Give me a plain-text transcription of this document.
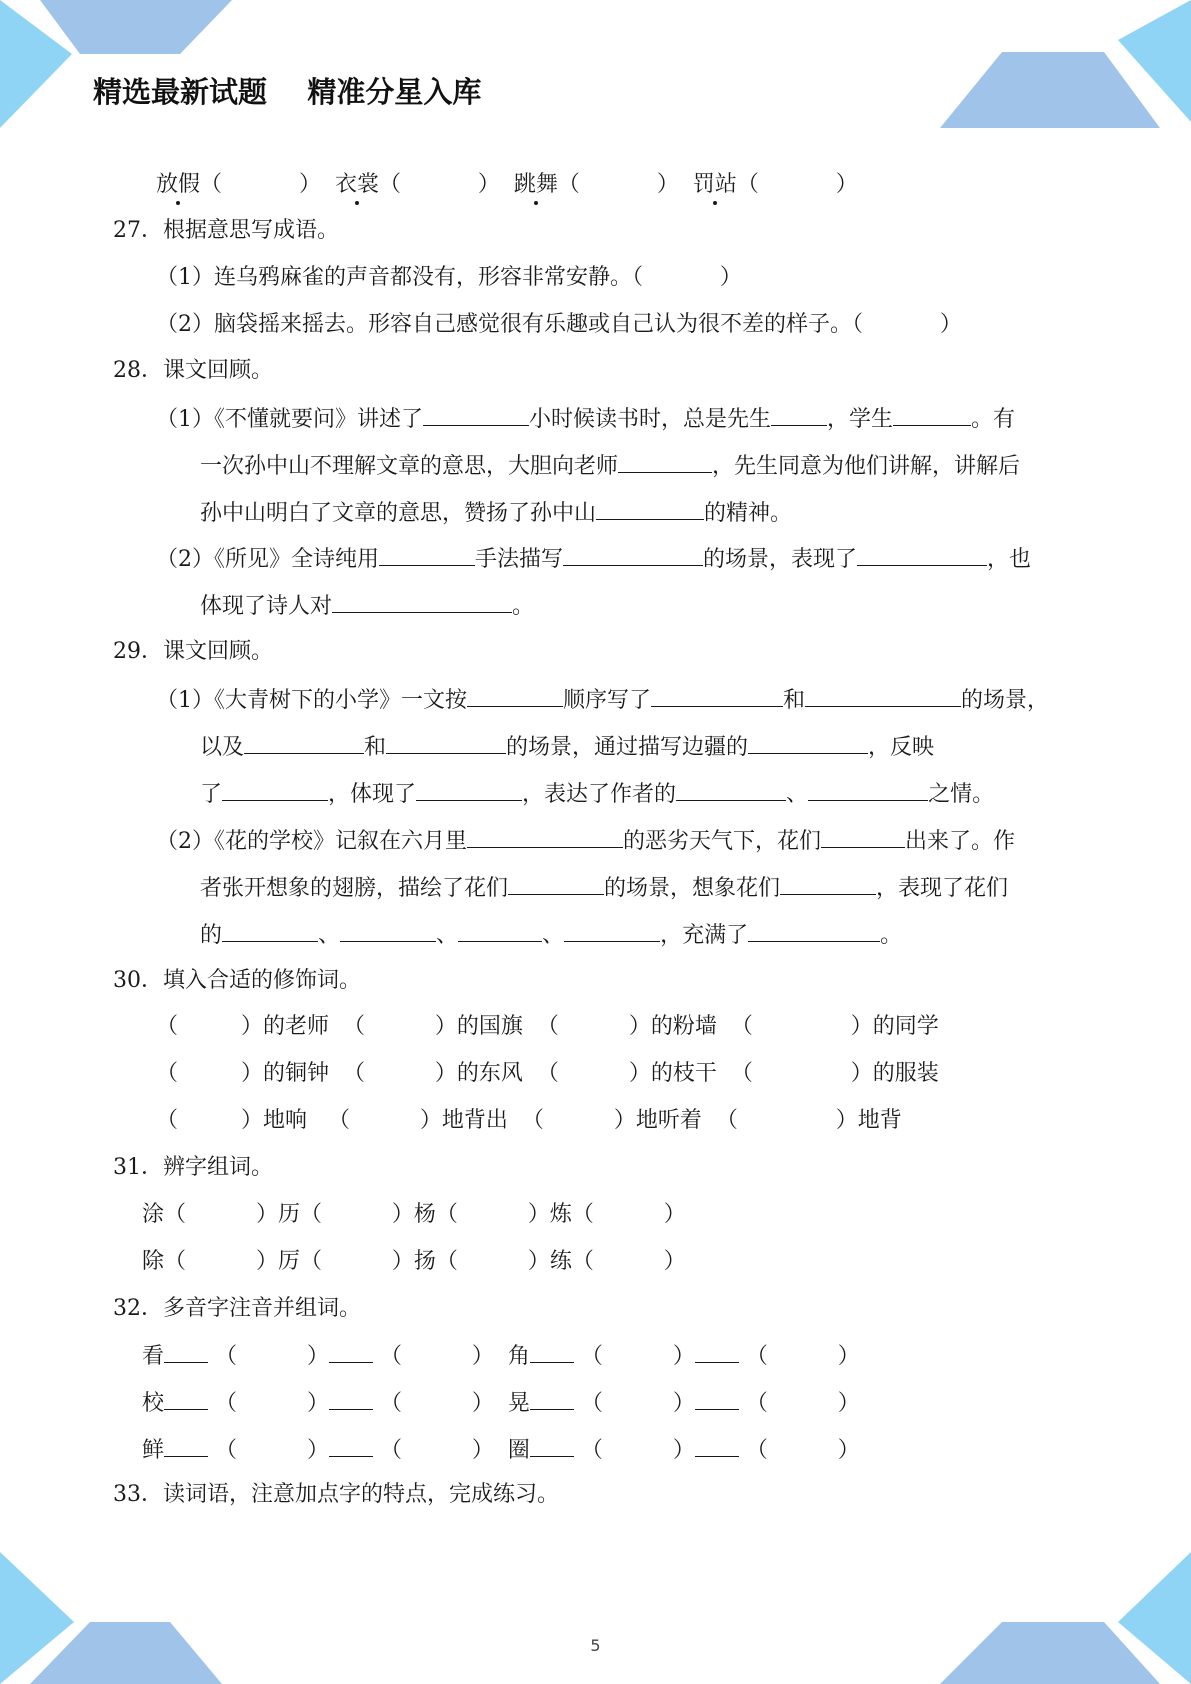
精选最新试题    精准分星入库
放假（           ）  衣裳（           ）  跳舞（           ）  罚站（           ）
27．根据意思写成语。
（1）连乌鸦麻雀的声音都没有，形容非常安静。（           ）
（2）脑袋摇来摇去。形容自己感觉很有乐趣或自己认为很不差的样子。（           ）
28．课文回顾。
（1）《不懂就要问》讲述了	小时候读书时，总是先生	，学生	。有
一次孙中山不理解文章的意思，大胆向老师	，先生同意为他们讲解，讲解后
孙中山明白了文章的意思，赞扬了孙中山	的精神。
（2）《所见》全诗纯用	手法描写	的场景，表现了	，也
体现了诗人对	。
29．课文回顾。
（1）《大青树下的小学》一文按	顺序写了	和	的场景，
以及	和	的场景，通过描写边疆的	，反映
了	，体现了	，表达了作者的	、	之情。
（2）《花的学校》记叙在六月里	的恶劣天气下，花们	出来了。作
者张开想象的翅膀，描绘了花们	的场景，想象花们	，表现了花们
的	、	、	、	，充满了	。
30．填入合适的修饰词。
（         ）的老师  （          ）的国旗  （          ）的粉墙  （              ）的同学
（         ）的铜钟  （          ）的东风  （          ）的枝干  （              ）的服装
（         ）地响   （          ）地背出  （          ）地听着  （              ）地背
31．辨字组词。
涂（          ）历（          ）杨（          ）炼（          ）
除（          ）厉（          ）扬（          ）练（          ）
32．多音字注音并组词。
看 （          ） （          ）  角 （          ） （          ）
校 （          ） （          ）  晃 （          ） （          ）
鲜 （          ） （          ）  圈 （          ） （          ）
33．读词语，注意加点字的特点，完成练习。
5
